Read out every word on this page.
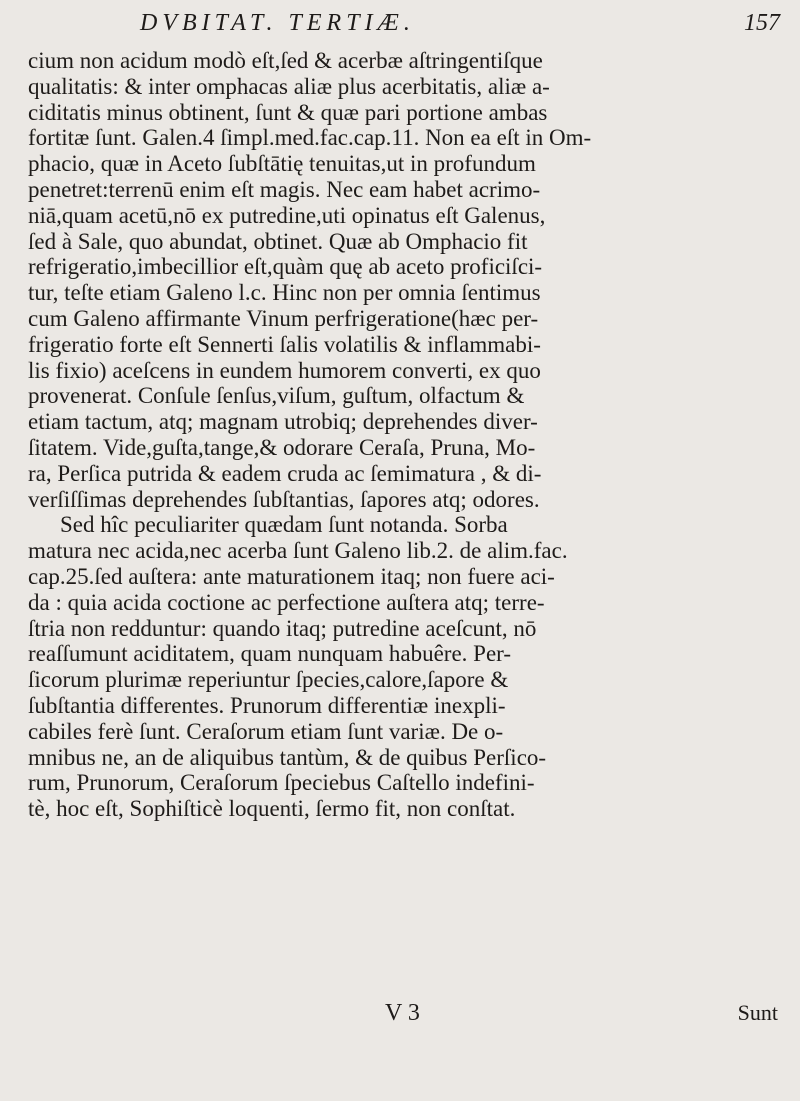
DVBITAT. TERTIÆ.	157
cium non acidum modò eſt,ſed & acerbæ aſtringentiſque
qualitatis: & inter omphacas aliæ plus acerbitatis, aliæ a-
ciditatis minus obtinent, ſunt & quæ pari portione ambas
fortitæ ſunt. Galen.4 ſimpl.med.fac.cap.11. Non ea eſt in Om-
phacio, quæ in Aceto ſubſtātię tenuitas,ut in profundum
penetret:terrenū enim eſt magis. Nec eam habet acrimo-
niā,quam acetū,nō ex putredine,uti opinatus eſt Galenus,
ſed à Sale, quo abundat, obtinet. Quæ ab Omphacio fit
refrigeratio,imbecillior eſt,quàm quę ab aceto proficiſci-
tur, teſte etiam Galeno l.c. Hinc non per omnia ſentimus
cum Galeno affirmante Vinum perfrigeratione(hæc per-
frigeratio forte eſt Sennerti ſalis volatilis & inflammabi-
lis fixio) aceſcens in eundem humorem converti, ex quo
provenerat. Conſule ſenſus,viſum, guſtum, olfactum &
etiam tactum, atq; magnam utrobiq; deprehendes diver-
ſitatem. Vide,guſta,tange,& odorare Ceraſa, Pruna, Mo-
ra, Perſica putrida & eadem cruda ac ſemimatura , & di-
verſiſſimas deprehendes ſubſtantias, ſapores atq; odores.
Sed hîc peculiariter quædam ſunt notanda. Sorba
matura nec acida,nec acerba ſunt Galeno lib.2. de alim.fac.
cap.25.ſed auſtera: ante maturationem itaq; non fuere aci-
da : quia acida coctione ac perfectione auſtera atq; terre-
ſtria non redduntur: quando itaq; putredine aceſcunt, nō
reaſſumunt aciditatem, quam nunquam habuêre. Per-
ſicorum plurimæ reperiuntur ſpecies,calore,ſapore &
ſubſtantia differentes. Prunorum differentiæ inexpli-
cabiles ferè ſunt. Ceraſorum etiam ſunt variæ. De o-
mnibus ne, an de aliquibus tantùm, & de quibus Perſico-
rum, Prunorum, Ceraſorum ſpeciebus Caſtello indefini-
tè, hoc eſt, Sophiſticè loquenti, ſermo fit, non conſtat.
V 3	Sunt
